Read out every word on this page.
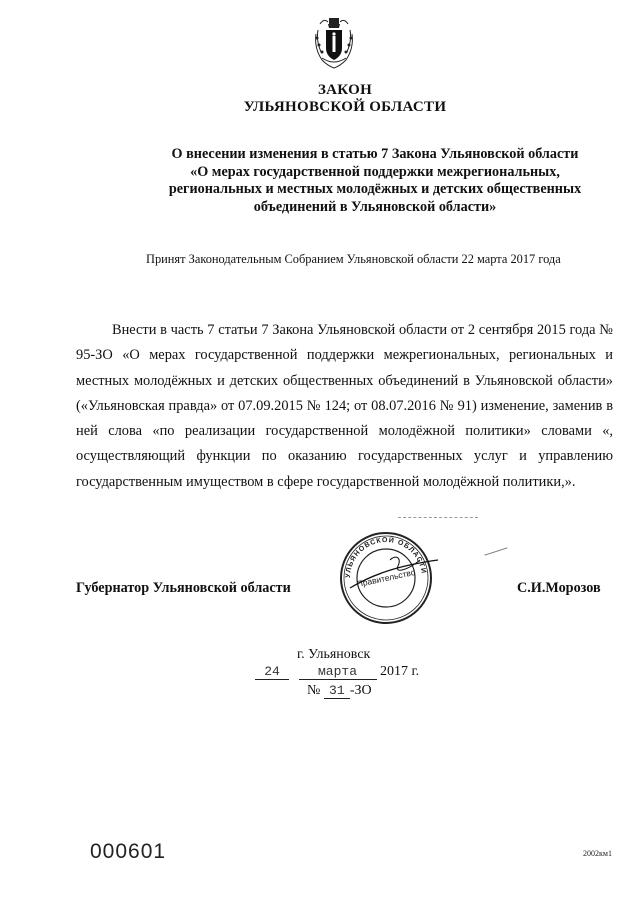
ЗАКОН
УЛЬЯНОВСКОЙ ОБЛАСТИ
О внесении изменения в статью 7 Закона Ульяновской области
«О мерах государственной поддержки межрегиональных,
региональных и местных молодёжных и детских общественных
объединений в Ульяновской области»
Принят Законодательным Собранием Ульяновской области 22 марта 2017 года

Внести в часть 7 статьи 7 Закона Ульяновской области от 2 сентября 2015 года № 95-ЗО «О мерах государственной поддержки межрегиональных, региональных и местных молодёжных и детских общественных объединений в Ульяновской области» («Ульяновская правда» от 07.09.2015 № 124; от 08.07.2016 № 91) изменение, заменив в ней слова «по реализации государственной молодёжной политики» словами «, осуществляющий функции по оказанию государственных услуг и управлению государственным имуществом в сфере государственной молодёжной политики,».

Губернатор Ульяновской области
УЛЬЯНОВСКОЙ ОБЛАСТИ
Правительство	С.И.Морозов
г. Ульяновск
24	марта 2017 г.
№ 31 -ЗО
000601	2002км1
